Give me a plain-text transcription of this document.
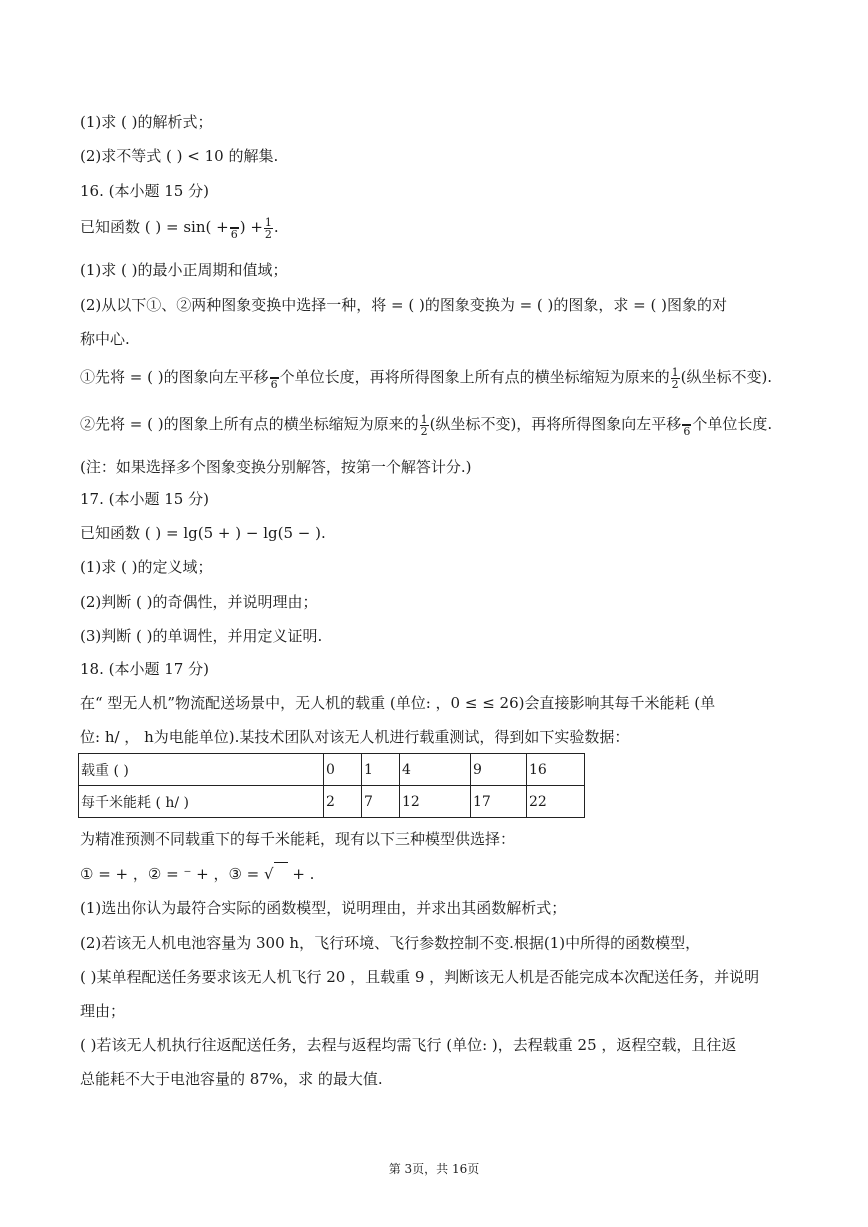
(1)求 ( )的解析式；
(2)求不等式 ( ) < 10 的解集.
16. (本小题 15 分)
已知函数 ( ) = sin( +
6 ) + $\frac{1}{2}$ .
(1)求 ( )的最小正周期和值域；
(2)从以下①、②两种图象变换中选择一种，将 = ( )的图象变换为 = ( )的图象，求 = ( )图象的对
称中心.
①先将 = ( )的图象向左平移
6 个单位长度，再将所得图象上所有点的横坐标缩短为原来的 $\frac{1}{2}$ (纵坐标不变).
②先将 = ( )的图象上所有点的横坐标缩短为原来的 $\frac{1}{2}$ (纵坐标不变)，再将所得图象向左平移
6 个单位长度.
(注：如果选择多个图象变换分别解答，按第一个解答计分.)
17. (本小题 15 分)
已知函数 ( ) = lg(5 + ) − lg(5 − ).
(1)求 ( )的定义域；
(2)判断 ( )的奇偶性，并说明理由；
(3)判断 ( )的单调性，并用定义证明.
18. (本小题 17 分)
在“ 型无人机”物流配送场景中，无人机的载重 (单位: ，0 ≤ ≤ 26)会直接影响其每千米能耗 (单
位: h/ ， h为电能单位).某技术团队对该无人机进行载重测试，得到如下实验数据：
载重 ( )	0	1	4	9	16
每千米能耗 ( h/ )	2	7	12	17	22
为精准预测不同载重下的每千米能耗，现有以下三种模型供选择：
① = + ，② = ⁻ + ，③ = √  + .
(1)选出你认为最符合实际的函数模型，说明理由，并求出其函数解析式；
(2)若该无人机电池容量为 300 h，飞行环境、飞行参数控制不变.根据(1)中所得的函数模型，
( )某单程配送任务要求该无人机飞行 20 ，且载重 9 ，判断该无人机是否能完成本次配送任务，并说明
理由；
( )若该无人机执行往返配送任务，去程与返程均需飞行 (单位: )，去程载重 25 ，返程空载，且往返
总能耗不大于电池容量的 87%，求 的最大值.
第 3页，共 16页
